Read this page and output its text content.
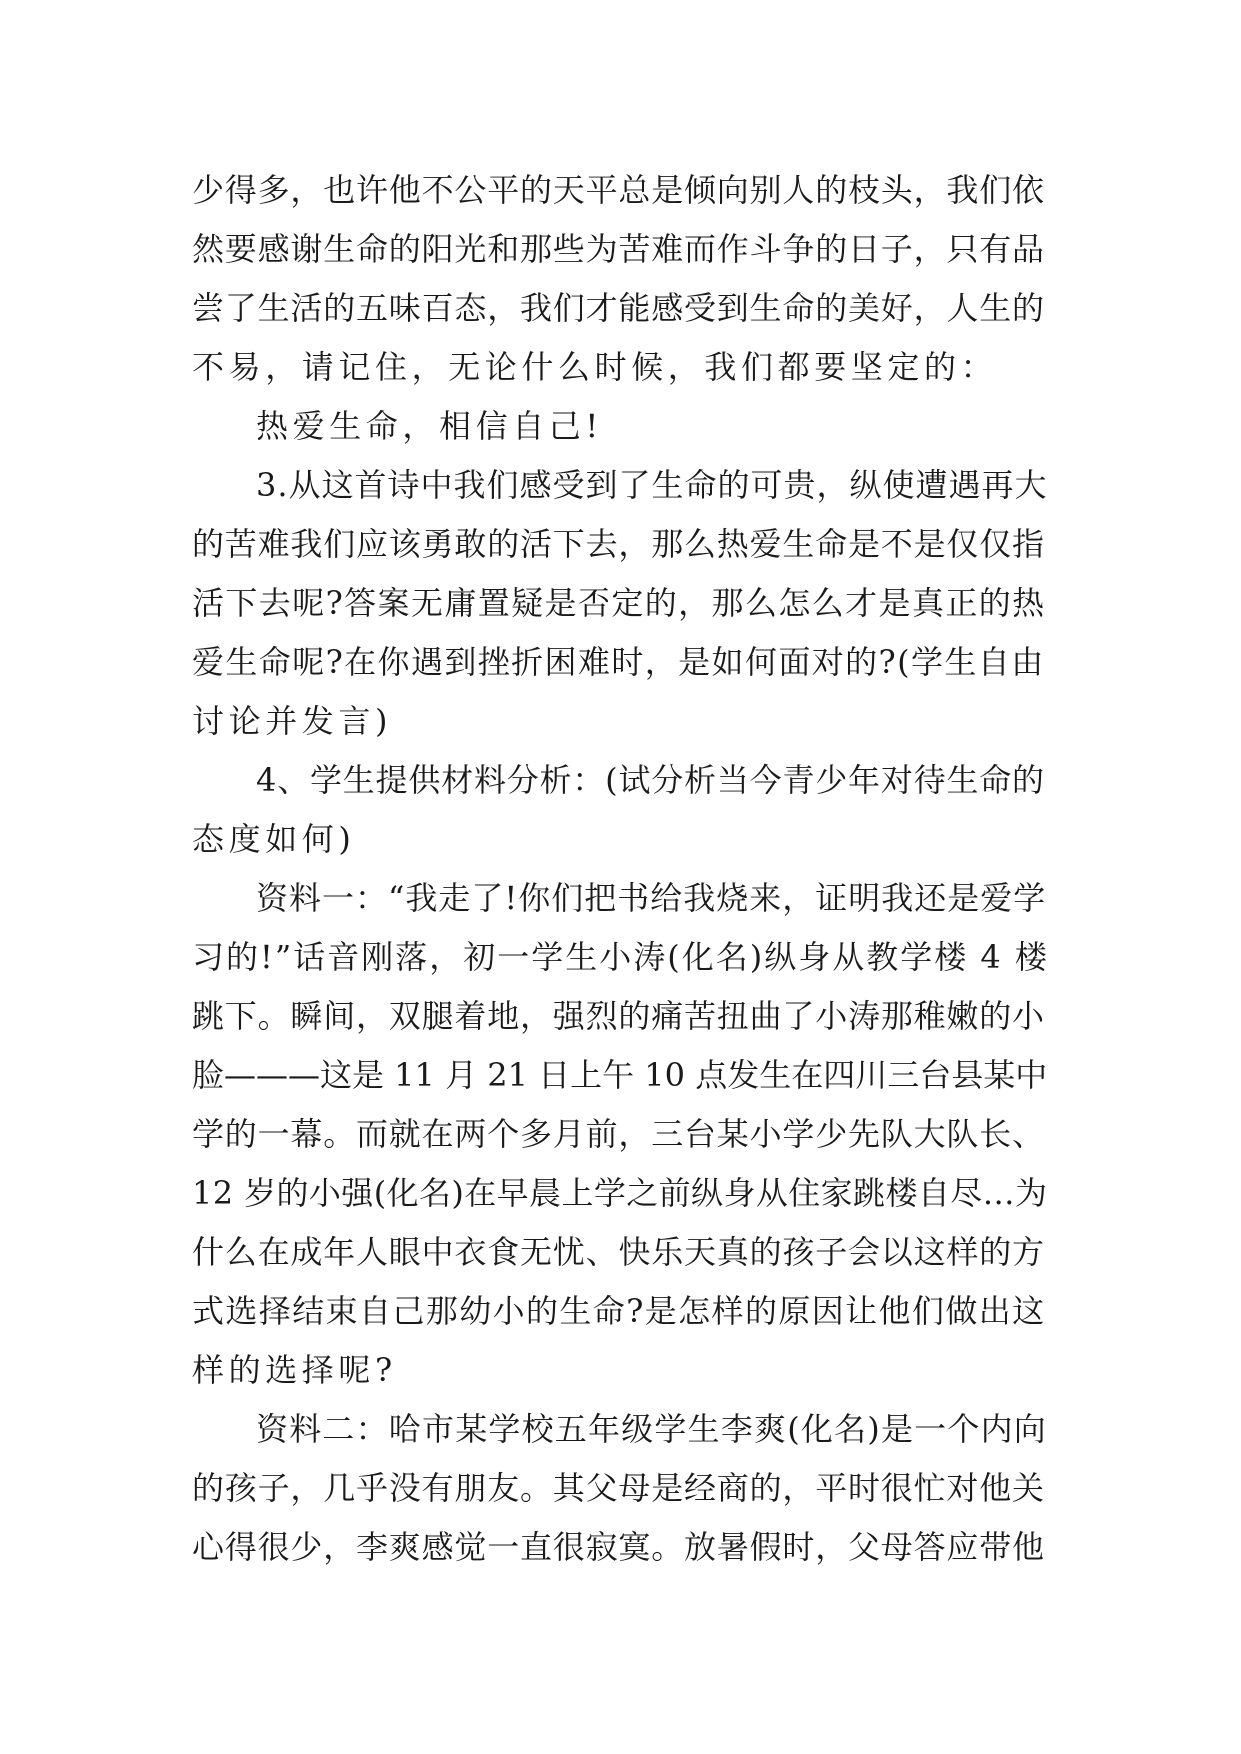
少得多，也许他不公平的天平总是倾向别人的枝头，我们依
然要感谢生命的阳光和那些为苦难而作斗争的日子，只有品
尝了生活的五味百态，我们才能感受到生命的美好，人生的
不易，请记住，无论什么时候，我们都要坚定的：
热爱生命，相信自己!
3.从这首诗中我们感受到了生命的可贵，纵使遭遇再大
的苦难我们应该勇敢的活下去，那么热爱生命是不是仅仅指
活下去呢?答案无庸置疑是否定的，那么怎么才是真正的热
爱生命呢?在你遇到挫折困难时，是如何面对的?(学生自由
讨论并发言)
4、学生提供材料分析：(试分析当今青少年对待生命的
态度如何)
资料一：“我走了!你们把书给我烧来，证明我还是爱学
习的!”话音刚落，初一学生小涛(化名)纵身从教学楼 4 楼
跳下。瞬间，双腿着地，强烈的痛苦扭曲了小涛那稚嫩的小
脸———这是 11 月 21 日上午 10 点发生在四川三台县某中
学的一幕。而就在两个多月前，三台某小学少先队大队长、
12 岁的小强(化名)在早晨上学之前纵身从住家跳楼自尽…为
什么在成年人眼中衣食无忧、快乐天真的孩子会以这样的方
式选择结束自己那幼小的生命?是怎样的原因让他们做出这
样的选择呢?
资料二：哈市某学校五年级学生李爽(化名)是一个内向
的孩子，几乎没有朋友。其父母是经商的，平时很忙对他关
心得很少，李爽感觉一直很寂寞。放暑假时，父母答应带他
